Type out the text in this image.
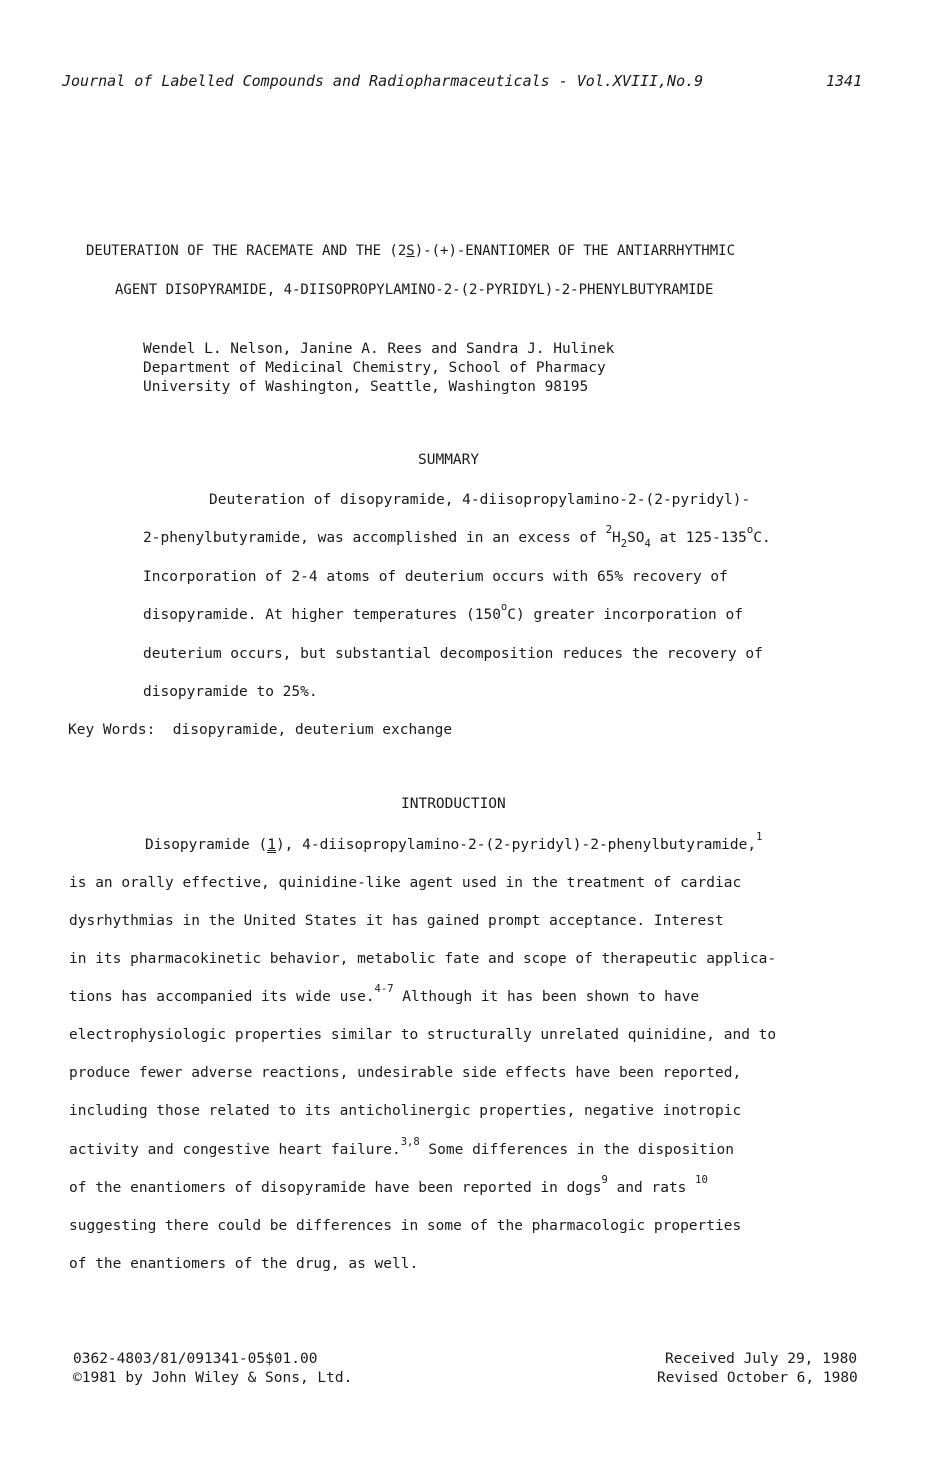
Journal of Labelled Compounds and Radiopharmaceuticals - Vol.XVIII,No.9	1341
DEUTERATION OF THE RACEMATE AND THE (2S)-(+)-ENANTIOMER OF THE ANTIARRHYTHMIC
AGENT DISOPYRAMIDE, 4-DIISOPROPYLAMINO-2-(2-PYRIDYL)-2-PHENYLBUTYRAMIDE
Wendel L. Nelson, Janine A. Rees and Sandra J. Hulinek
Department of Medicinal Chemistry, School of Pharmacy
University of Washington, Seattle, Washington 98195
SUMMARY
Deuteration of disopyramide, 4-diisopropylamino-2-(2-pyridyl)-
2-phenylbutyramide, was accomplished in an excess of $^2H_2SO_4$ at 125-135$^o$C.
Incorporation of 2-4 atoms of deuterium occurs with 65% recovery of
disopyramide. At higher temperatures (150$^o$C) greater incorporation of
deuterium occurs, but substantial decomposition reduces the recovery of
disopyramide to 25%.
Key Words: disopyramide, deuterium exchange
INTRODUCTION
Disopyramide (1), 4-diisopropylamino-2-(2-pyridyl)-2-phenylbutyramide,$^1$
is an orally effective, quinidine-like agent used in the treatment of cardiac
dysrhythmias in the United States it has gained prompt acceptance. Interest
in its pharmacokinetic behavior, metabolic fate and scope of therapeutic applica-
tions has accompanied its wide use.$^{4-7}$ Although it has been shown to have
electrophysiologic properties similar to structurally unrelated quinidine, and to
produce fewer adverse reactions, undesirable side effects have been reported,
including those related to its anticholinergic properties, negative inotropic
activity and congestive heart failure.$^{3,8}$ Some differences in the disposition
of the enantiomers of disopyramide have been reported in dogs$^9$ and rats $^{10}$
suggesting there could be differences in some of the pharmacologic properties
of the enantiomers of the drug, as well.
0362-4803/81/091341-05$01.00
©1981 by John Wiley & Sons, Ltd.
Received July 29, 1980
Revised October 6, 1980
